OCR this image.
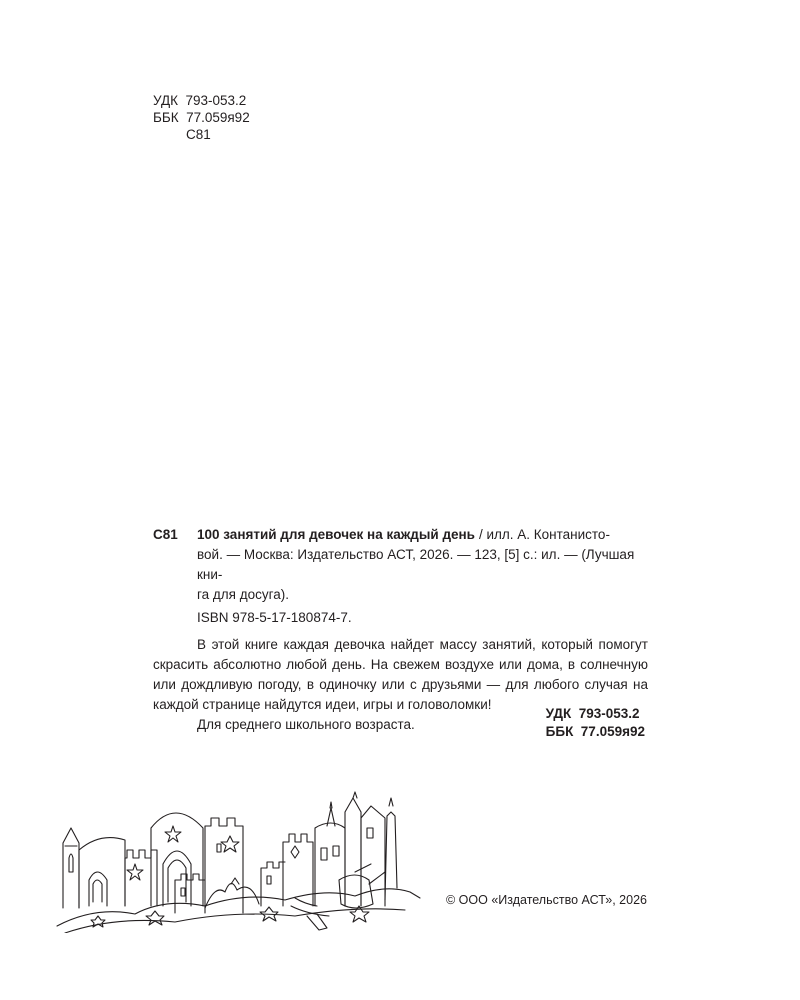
УДК  793-053.2
ББК  77.059я92
С81
С81	100 занятий для девочек на каждый день / илл. А. Контанисто-
вой. — Москва: Издательство АСТ, 2026. — 123, [5] с.: ил. — (Лучшая кни-
га для досуга).
ISBN 978-5-17-180874-7.

В этой книге каждая девочка найдет массу занятий, который помогут скрасить абсолютно любой день. На свежем воздухе или дома, в солнечную или дождливую погоду, в одиночку или с друзьями — для любого случая на каждой странице найдутся идеи, игры и головоломки!

Для среднего школьного возраста.

УДК  793-053.2
ББК  77.059я92
© ООО «Издательство АСТ», 2026
